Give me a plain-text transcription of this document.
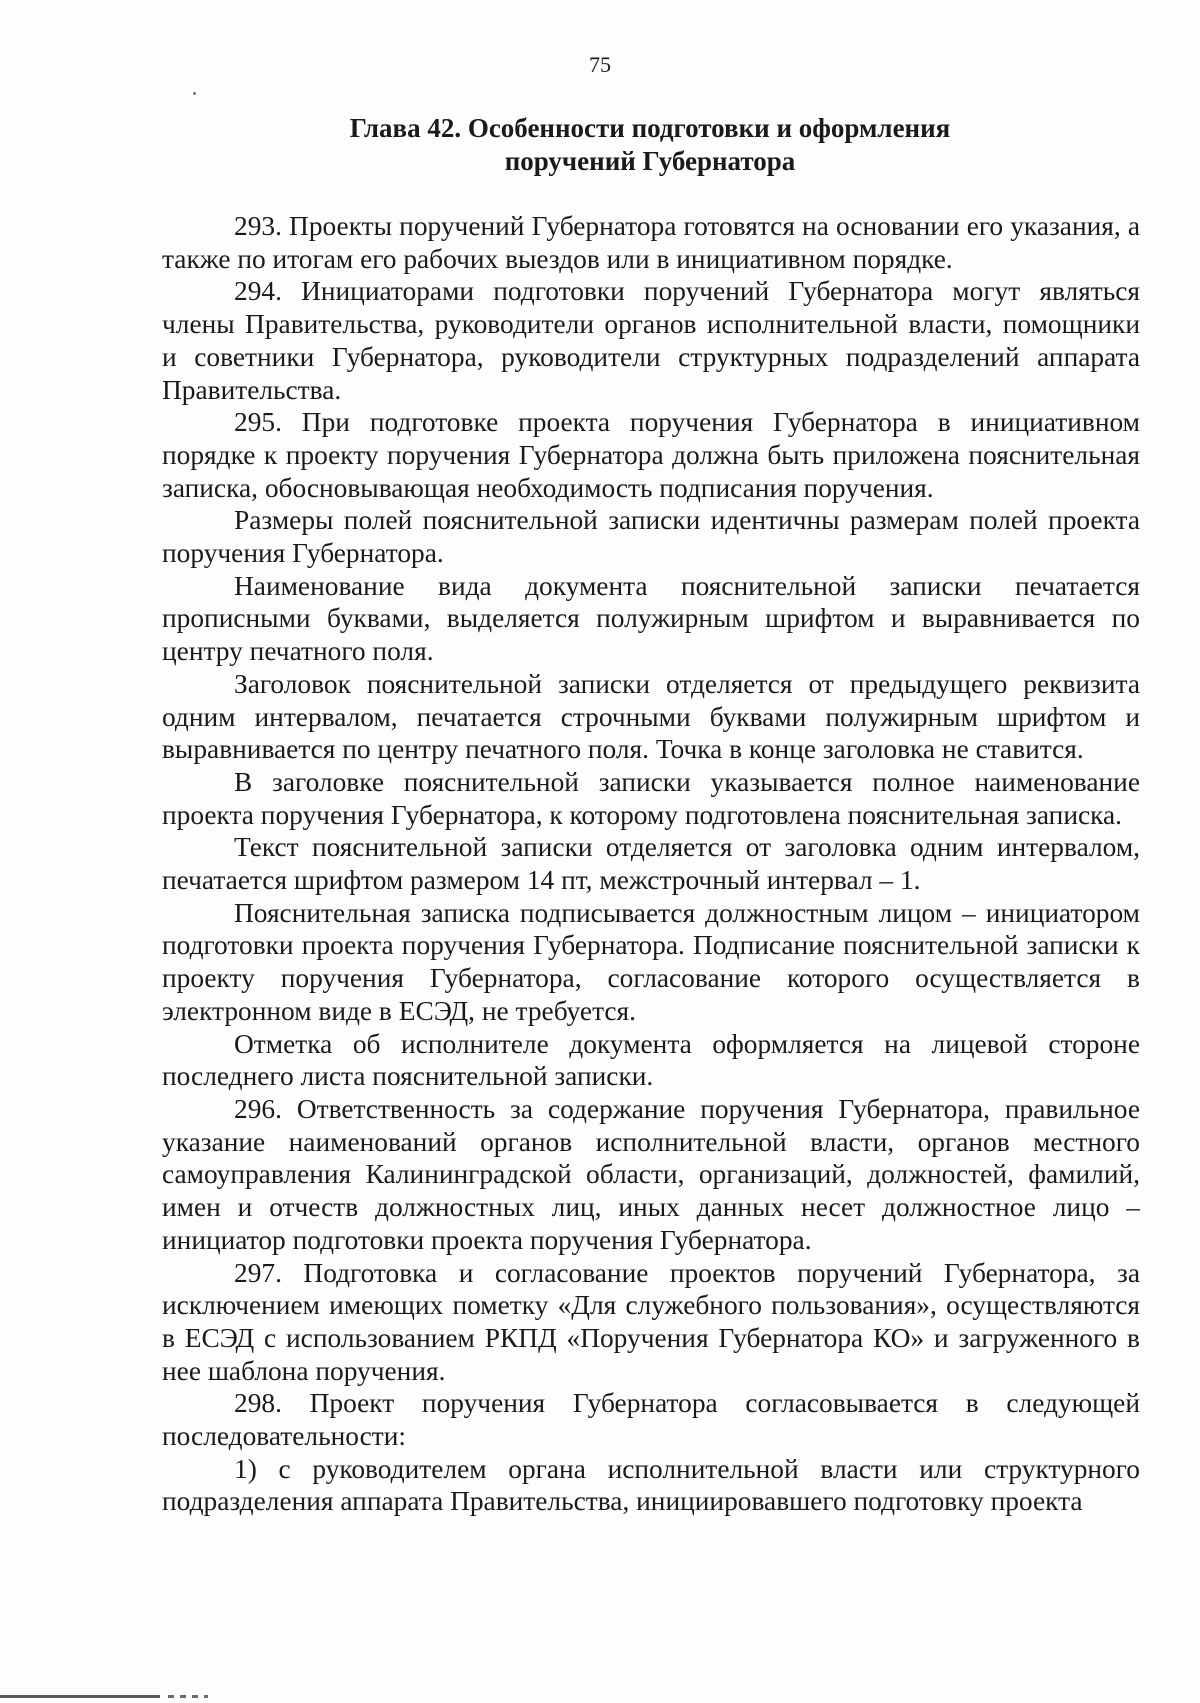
75
Глава 42. Особенности подготовки и оформления
поручений Губернатора

293. Проекты поручений Губернатора готовятся на основании его указания, а также по итогам его рабочих выездов или в инициативном порядке.

294. Инициаторами подготовки поручений Губернатора могут являться члены Правительства, руководители органов исполнительной власти, помощники и советники Губернатора, руководители структурных подразделений аппарата Правительства.

295. При подготовке проекта поручения Губернатора в инициативном порядке к проекту поручения Губернатора должна быть приложена пояснительная записка, обосновывающая необходимость подписания поручения.

Размеры полей пояснительной записки идентичны размерам полей проекта поручения Губернатора.

Наименование вида документа пояснительной записки печатается прописными буквами, выделяется полужирным шрифтом и выравнивается по центру печатного поля.

Заголовок пояснительной записки отделяется от предыдущего реквизита одним интервалом, печатается строчными буквами полужирным шрифтом и выравнивается по центру печатного поля. Точка в конце заголовка не ставится.

В заголовке пояснительной записки указывается полное наименование проекта поручения Губернатора, к которому подготовлена пояснительная записка.

Текст пояснительной записки отделяется от заголовка одним интервалом, печатается шрифтом размером 14 пт, межстрочный интервал – 1.

Пояснительная записка подписывается должностным лицом – инициатором подготовки проекта поручения Губернатора. Подписание пояснительной записки к проекту поручения Губернатора, согласование которого осуществляется в электронном виде в ЕСЭД, не требуется.

Отметка об исполнителе документа оформляется на лицевой стороне последнего листа пояснительной записки.

296. Ответственность за содержание поручения Губернатора, правильное указание наименований органов исполнительной власти, органов местного самоуправления Калининградской области, организаций, должностей, фамилий, имен и отчеств должностных лиц, иных данных несет должностное лицо – инициатор подготовки проекта поручения Губернатора.

297. Подготовка и согласование проектов поручений Губернатора, за исключением имеющих пометку «Для служебного пользования», осуществляются в ЕСЭД с использованием РКПД «Поручения Губернатора КО» и загруженного в нее шаблона поручения.

298. Проект поручения Губернатора согласовывается в следующей последовательности:

1) с руководителем органа исполнительной власти или структурного подразделения аппарата Правительства, инициировавшего подготовку проекта
